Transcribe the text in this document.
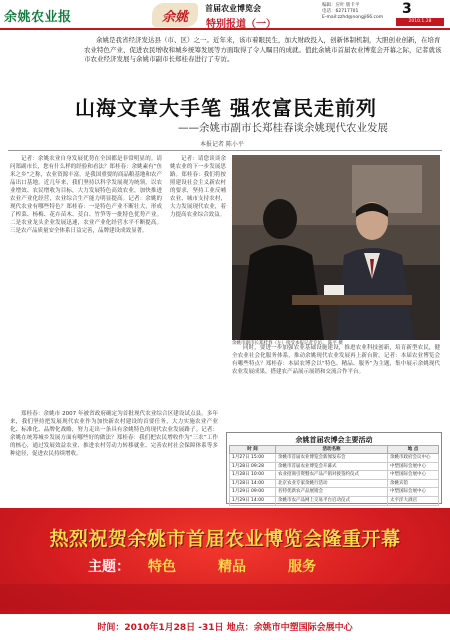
余姚农业报	余姚
首届农业博览会
特别报道（一）
编辑：应叶 版卡平
电话：62717701
E-mail:zzhd@nongji66.com
3
2010.1.28
余姚是我省经济发达县（市、区）之一。近年来，该市着眼民生，加大财政投入，创新体制机制，大胆创业创新，在培育农业特色产业、促进农民增收和城乡统筹发展等方面取得了令人瞩目的成就。值此余姚市首届农业博览会开幕之际，记者就该市农业经济发展与余姚市副市长郑桂春进行了专访。
山海文章大手笔 强农富民走前列
——余姚市副市长郑桂春谈余姚现代农业发展
本报记者 陈小平

记者：余姚农业自身发展优势在全国都是非常明显的。请问郑副市长，您有什么样的经验和看法？郑桂春：余姚素有“鱼米之乡”之称，农业资源丰富，是我国重要的商品粮基地和农产品出口基地。近几年来，我们坚持以科学发展观为统领，以农业增效、农民增收为目标，大力发展特色高效农业，加快推进农业产业化经营，农业综合生产能力明显提高。记者：余姚的现代农业有哪些特色？郑桂春：一是特色产业不断壮大，形成了榨菜、杨梅、花卉苗木、茭白、竹笋等一批特色优势产业。二是农业龙头企业发展迅速，农业产业化经营水平不断提高。三是农产品质量安全体系日益完善，品牌建设成效显著。

记者：请您谈谈余姚农业的下一步发展思路。郑桂春：我们将按照建设社会主义新农村的要求，坚持工业反哺农业、城市支持农村，大力发展现代农业，着力提高农业综合效益。

余姚市副市长郑桂春（左）接受本报记者专访。 陈平 摄

同时，要进一步加强农业基础设施建设，推进农业科技创新，培育新型农民，健全农业社会化服务体系，推动余姚现代农业发展再上新台阶。记者：本届农业博览会有哪些特点？郑桂春：本届农博会以“特色、精品、服务”为主题，集中展示余姚现代农业发展成果，搭建农产品展示展销和交流合作平台。

郑桂春：余姚市 2007 年被省政府确定为首批现代农业综合区建设试点县。多年来，我们坚持把发展现代农业作为加快新农村建设的首要任务，大力实施农业产业化、标准化、品牌化战略，努力走出一条具有余姚特色的现代农业发展路子。记者：余姚在统筹城乡发展方面有哪些好的做法？郑桂春：我们把农民增收作为“三农”工作的核心，通过发展效益农业、推进农村劳动力转移就业、完善农村社会保障体系等多种途径，促进农民持续增收。

余姚首届农博会主要活动
时 间	活动名称	地 点
1月27日 15:00	余姚市首届农业博览会新闻发布会	余姚市政府会议中心
1月28日 09:28	余姚市首届农业博览会开幕式	中塑国际会展中心
1月28日 10:00	农业招商引资暨农产品产销对接签约仪式	中塑国际会展中心
1月28日 14:00	北京农业专家余姚行活动	余姚宾馆
1月29日 09:00	名特优新农产品展销会	中塑国际会展中心
1月29日 14:00	余姚市农产品网上交易平台启动仪式	太平洋大酒店
热烈祝贺余姚市首届农业博览会隆重开幕
主题： 特色	精品	服务
时间：2010年1月28日 -31日 地点：余姚市中塑国际会展中心
